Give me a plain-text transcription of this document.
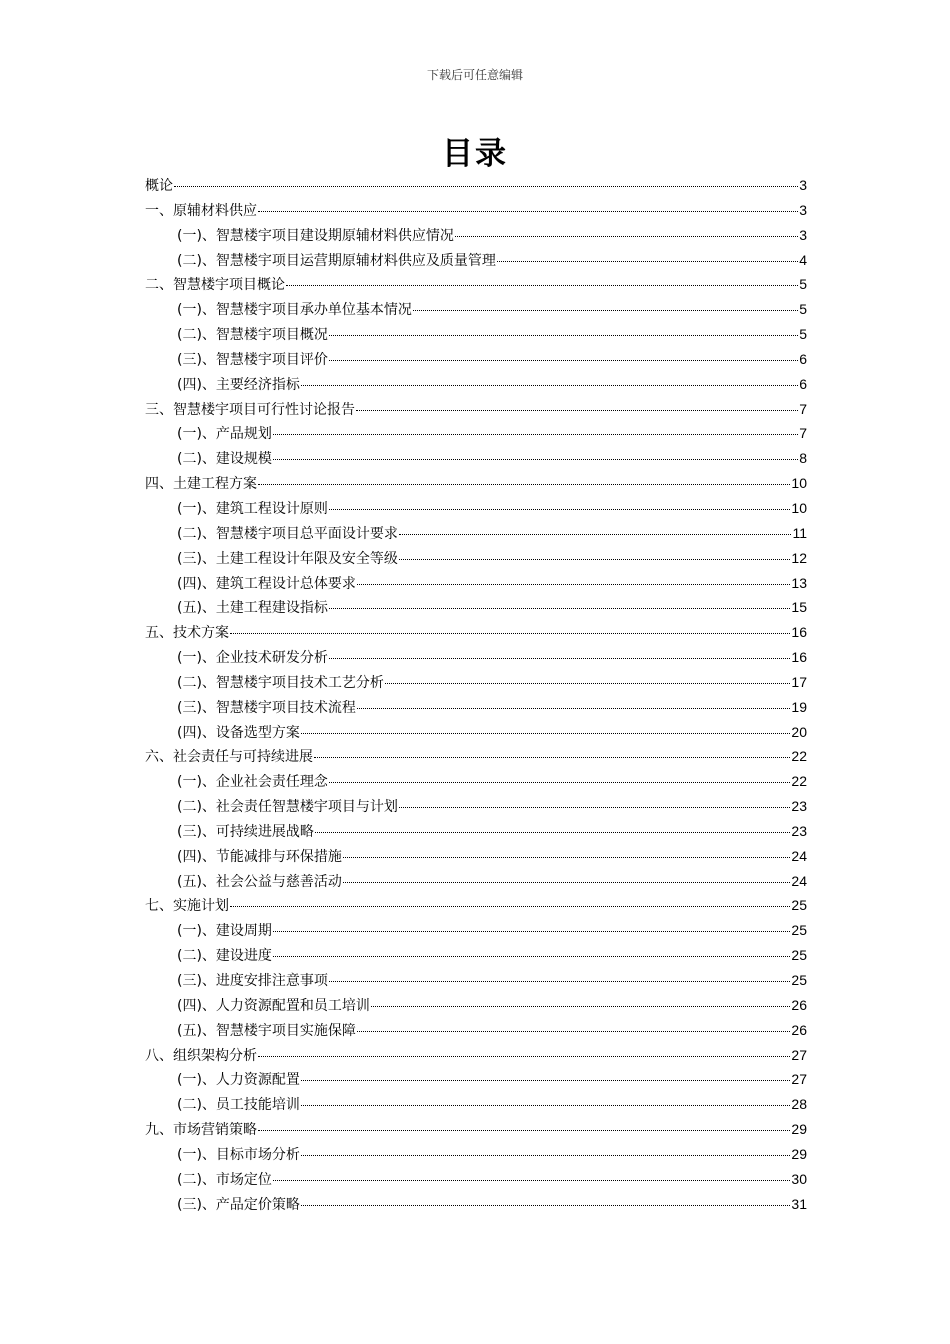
下载后可任意编辑
目录
概论	3
一、原辅材料供应	3
(一)、智慧楼宇项目建设期原辅材料供应情况	3
(二)、智慧楼宇项目运营期原辅材料供应及质量管理	4
二、智慧楼宇项目概论	5
(一)、智慧楼宇项目承办单位基本情况	5
(二)、智慧楼宇项目概况	5
(三)、智慧楼宇项目评价	6
(四)、主要经济指标	6
三、智慧楼宇项目可行性讨论报告	7
(一)、产品规划	7
(二)、建设规模	8
四、土建工程方案	10
(一)、建筑工程设计原则	10
(二)、智慧楼宇项目总平面设计要求	11
(三)、土建工程设计年限及安全等级	12
(四)、建筑工程设计总体要求	13
(五)、土建工程建设指标	15
五、技术方案	16
(一)、企业技术研发分析	16
(二)、智慧楼宇项目技术工艺分析	17
(三)、智慧楼宇项目技术流程	19
(四)、设备选型方案	20
六、社会责任与可持续进展	22
(一)、企业社会责任理念	22
(二)、社会责任智慧楼宇项目与计划	23
(三)、可持续进展战略	23
(四)、节能减排与环保措施	24
(五)、社会公益与慈善活动	24
七、实施计划	25
(一)、建设周期	25
(二)、建设进度	25
(三)、进度安排注意事项	25
(四)、人力资源配置和员工培训	26
(五)、智慧楼宇项目实施保障	26
八、组织架构分析	27
(一)、人力资源配置	27
(二)、员工技能培训	28
九、市场营销策略	29
(一)、目标市场分析	29
(二)、市场定位	30
(三)、产品定价策略	31
